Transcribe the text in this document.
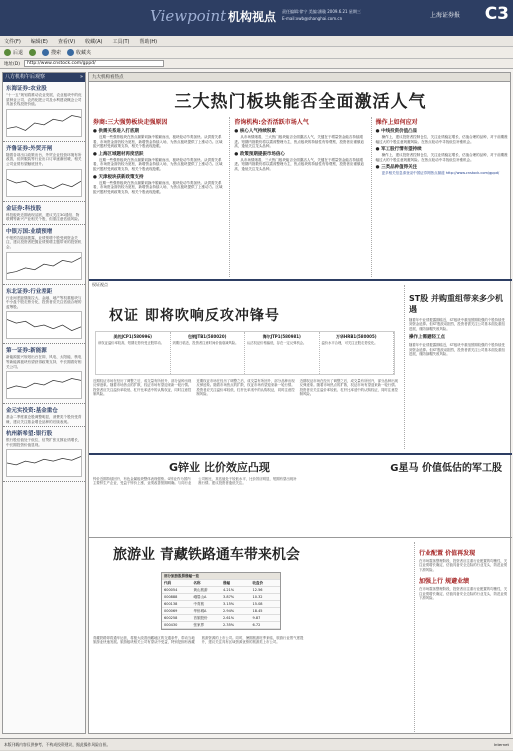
Viewpoint 机构视点 责任编辑:徐宁 美编:潘璇 2009.6.21 星期三
E-mail:xwb@shanghai.com.cn	上海证券报 C3
文件(F) 编辑(E) 查看(V) 收藏(A) 工具(T) 帮助(H)
后退	搜索	收藏夹
地址(D)	http://www.cnstock.com/gppd/
八方机构午后观察	»
东海证券:农业股

“十一五”规划将推动农业发展，农业板块中的优质种业公司、农药化肥公司及水利建设概念公司具备长线投资价值。

齐鲁证券:外贸开闸

随着各项出口政策出台，外贸企业经营环境有所改善，纺织服装等行业出口订单逐渐回暖，相关公司业绩有望触底回升。

金证券:科技股

科技板块近期表现活跃，建议关注3G通信、物联网等新兴产业相关个股，但需注意估值风险。

中银万国:业绩预增

中报预告陆续披露，业绩预增个股受到资金关注，建议投资者把握业绩预增主题带来的投资机会。

东北证券:行业差距

行业间差距继续拉大，金融、地产等权重板块与中小盘个股走势分化，投资者应关注估值合理的蓝筹股。

第一证券:新能源

新能源振兴规划出台在即，风电、太阳能、核电等新能源板块有望获得政策支持，中长期看好相关公司。

金元实投资:基金重仓

基金二季度重仓股调整明显，消费类个股仍受青睐，建议关注基金增仓品种的后续表现。

杭州新希望:银行股

银行股估值处于低位，信贷扩张支撑业绩增长，中长期投资价值显现。

九大机构看热点
三大热门板块能否全面激活人气
券商:三大强势板块走强原因
● 供需关系进入打底期

近期一些强势板块在热点频繁切换中脱颖而出，板块轮动节奏加快。从供需关系看，市场资金面仍较为宽松，新增资金持续入场，为热点板块提供了上涨动力。区域振兴题材受到政策支持，相关个股表现抢眼。

● 上海区域题材再度活跃

近期一些强势板块在热点频繁切换中脱颖而出，板块轮动节奏加快。从供需关系看，市场资金面仍较为宽松，新增资金持续入场，为热点板块提供了上涨动力。区域振兴题材受到政策支持，相关个股表现抢眼。

● 天津板块获新政策支持

近期一些强势板块在热点频繁切换中脱颖而出，板块轮动节奏加快。从供需关系看，市场资金面仍较为宽松，新增资金持续入场，为热点板块提供了上涨动力。区域振兴题材受到政策支持，相关个股表现抢眼。

咨询机构:会否活跃市场人气
● 核心人气持续积累

从市场情绪看，三大热门板块能否全面激活人气，关键在于增量资金能否持续跟进。短期内指数仍将以震荡整理为主，热点板块的持续性有待观察，投资者应谨慎追高，逢低关注龙头品种。

● 政策预期提振市场信心

从市场情绪看，三大热门板块能否全面激活人气，关键在于增量资金能否持续跟进。短期内指数仍将以震荡整理为主，热点板块的持续性有待观察，投资者应谨慎追高，逢低关注龙头品种。

操作上如何应对
● 中线投资价值凸显

操作上，建议投资者控制仓位，关注业绩稳定增长、估值合理的品种，对于前期涨幅过大的个股注意规避风险。在热点轮动中寻找低位补涨机会。

● 军工股行情有望持续

操作上，建议投资者控制仓位，关注业绩稳定增长、估值合理的品种，对于前期涨幅过大的个股注意规避风险。在热点轮动中寻找低位补涨机会。

● 三类品种值得关注

更多相关信息请登录中国证券网热点频道 http://www.cnstock.com/gppd/

权证视点
权证 即将吹响反攻冲锋号
美的JCP1(580996)

该权证溢价率较高，短期走势仍受正股带动。

包钢JTB1(580020)

到期日临近，投资者注意时间价值衰减风险。

海尔JTP1(580981)

认沽权证价格偏低，存在一定反弹机会。

万华HRB1(580005)

溢价水平合理，可关注正股走势变化。

近期权证市场在经历了调整之后，成交量有所回升，部分品种出现反弹迹象。随着市场热点的扩散，权证市场有望迎来新一轮行情。投资者应关注溢价率较低、杠杆比率适中的认购权证，同时注意控制风险。

近期权证市场在经历了调整之后，成交量有所回升，部分品种出现反弹迹象。随着市场热点的扩散，权证市场有望迎来新一轮行情。投资者应关注溢价率较低、杠杆比率适中的认购权证，同时注意控制风险。

近期权证市场在经历了调整之后，成交量有所回升，部分品种出现反弹迹象。随着市场热点的扩散，权证市场有望迎来新一轮行情。投资者应关注溢价率较低、杠杆比率适中的认购权证，同时注意控制风险。

ST股 并购重组带来多少机遇

随着年中业绩披露期临近，ST板块中重组预期较强的个股持续受到资金追捧。但ST股波动剧烈，投资者需关注公司基本面及重组进展，谨防摘帽失败风险。

操作上需避轻工点

随着年中业绩披露期临近，ST板块中重组预期较强的个股持续受到资金追捧。但ST股波动剧烈，投资者需关注公司基本面及重组进展，谨防摘帽失败风险。

G锌业 比价效应凸现	G星马 价值低估的军工股
锌价近期持续回升，有色金属板块整体表现强势。G锌业作为国内主要锌生产企业，受益于锌价上涨，业绩改善预期明确。与同行业公司相比，其估值处于较低水平，比价效应明显，短期有望出现补涨行情。建议投资者逢低关注。
旅游业 青藏铁路通车带来机会
部分旅游股票涨幅一览
代码	名称	涨幅	收盘价
600054	黄山旅游	4.21%	12.56
000888	峨眉山A	3.87%	10.32
600138	中青旅	3.15%	15.08
000069	华侨城A	2.94%	18.45
600258	首旅股份	2.61%	9.87
000430	张家界	2.35%	6.72
青藏铁路即将通车运营，将极大改善西藏地区的交通条件，带动当地旅游业快速发展。旅游板块相关公司有望从中受益，特别是拥有西藏旅游资源的上市公司。同时，暑期旅游旺季来临，旅游行业景气度提升，建议关注具有区域资源优势的旅游类上市公司。
行业配置 价值再发现

在市场震荡整理阶段，投资者应注重行业配置的均衡性，关注业绩增长确定、估值具备安全边际的行业龙头，防范业绩下滑风险。

加强上行 规避业绩

在市场震荡整理阶段，投资者应注重行业配置的均衡性，关注业绩增长确定、估值具备安全边际的行业龙头，防范业绩下滑风险。

本版刊载内容仅供参考，不构成投资建议，据此操作风险自担。	Internet
